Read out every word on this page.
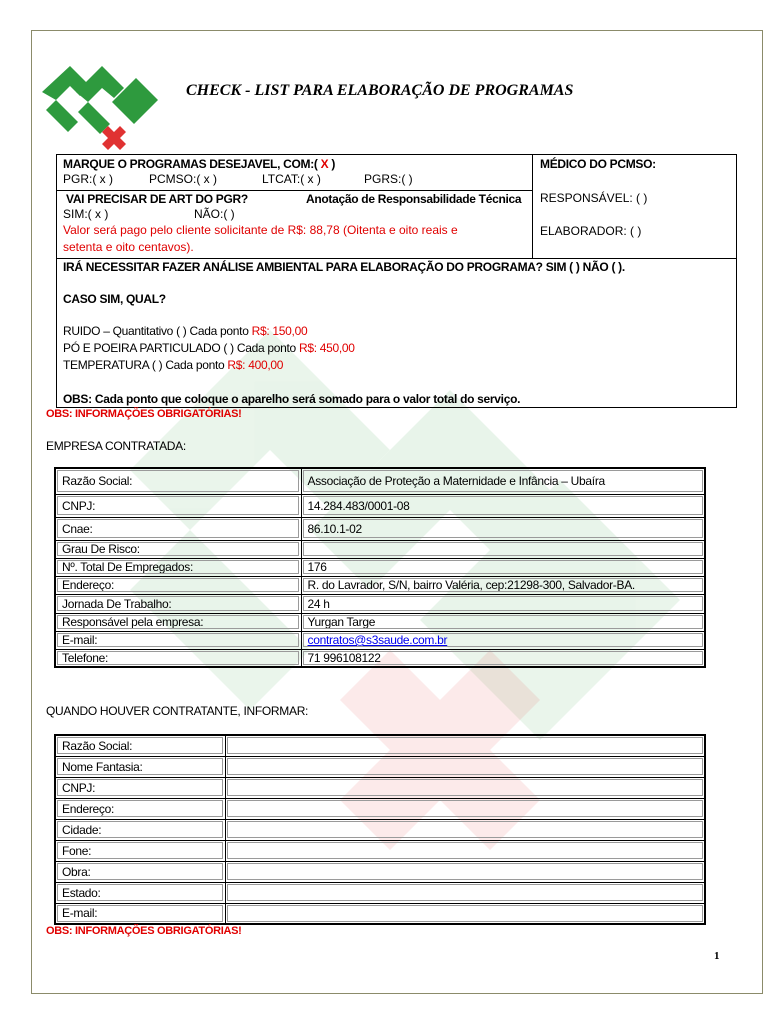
CHECK - LIST PARA ELABORAÇÃO DE PROGRAMAS
MARQUE O PROGRAMAS DESEJAVEL, COM:( X )
PGR:( x )	PCMSO:( x )	LTCAT:( x )	PGRS:( )
VAI PRECISAR DE ART DO PGR?	Anotação de Responsabilidade Técnica
SIM:( x )	NÃO:( )
Valor será pago pelo cliente solicitante de R$: 88,78 (Oitenta e oito reais e
setenta e oito centavos).
MÉDICO DO PCMSO:
RESPONSÁVEL: ( )
ELABORADOR: ( )
IRÁ NECESSITAR FAZER ANÁLISE AMBIENTAL PARA ELABORAÇÃO DO PROGRAMA? SIM ( ) NÃO ( ).
CASO SIM, QUAL?
RUIDO – Quantitativo ( ) Cada ponto R$: 150,00
PÓ E POEIRA PARTICULADO ( ) Cada ponto R$: 450,00
TEMPERATURA ( ) Cada ponto R$: 400,00
OBS: Cada ponto que coloque o aparelho será somado para o valor total do serviço.
OBS: INFORMAÇÕES OBRIGATÓRIAS!
EMPRESA CONTRATADA:
Razão Social:	Associação de Proteção a Maternidade e Infância – Ubaíra
CNPJ:	14.284.483/0001-08
Cnae:	86.10.1-02
Grau De Risco:	
Nº. Total De Empregados:	176
Endereço:	R. do Lavrador, S/N, bairro Valéria, cep:21298-300, Salvador-BA.
Jornada De Trabalho:	24 h
Responsável pela empresa:	Yurgan Targe
E-mail:	contratos@s3saude.com.br
Telefone:	71 996108122
QUANDO HOUVER CONTRATANTE, INFORMAR:
Razão Social:	
Nome Fantasia:	
CNPJ:	
Endereço:	
Cidade:	
Fone:	
Obra:	
Estado:	
E-mail:	
OBS: INFORMAÇÕES OBRIGATÓRIAS!
1
